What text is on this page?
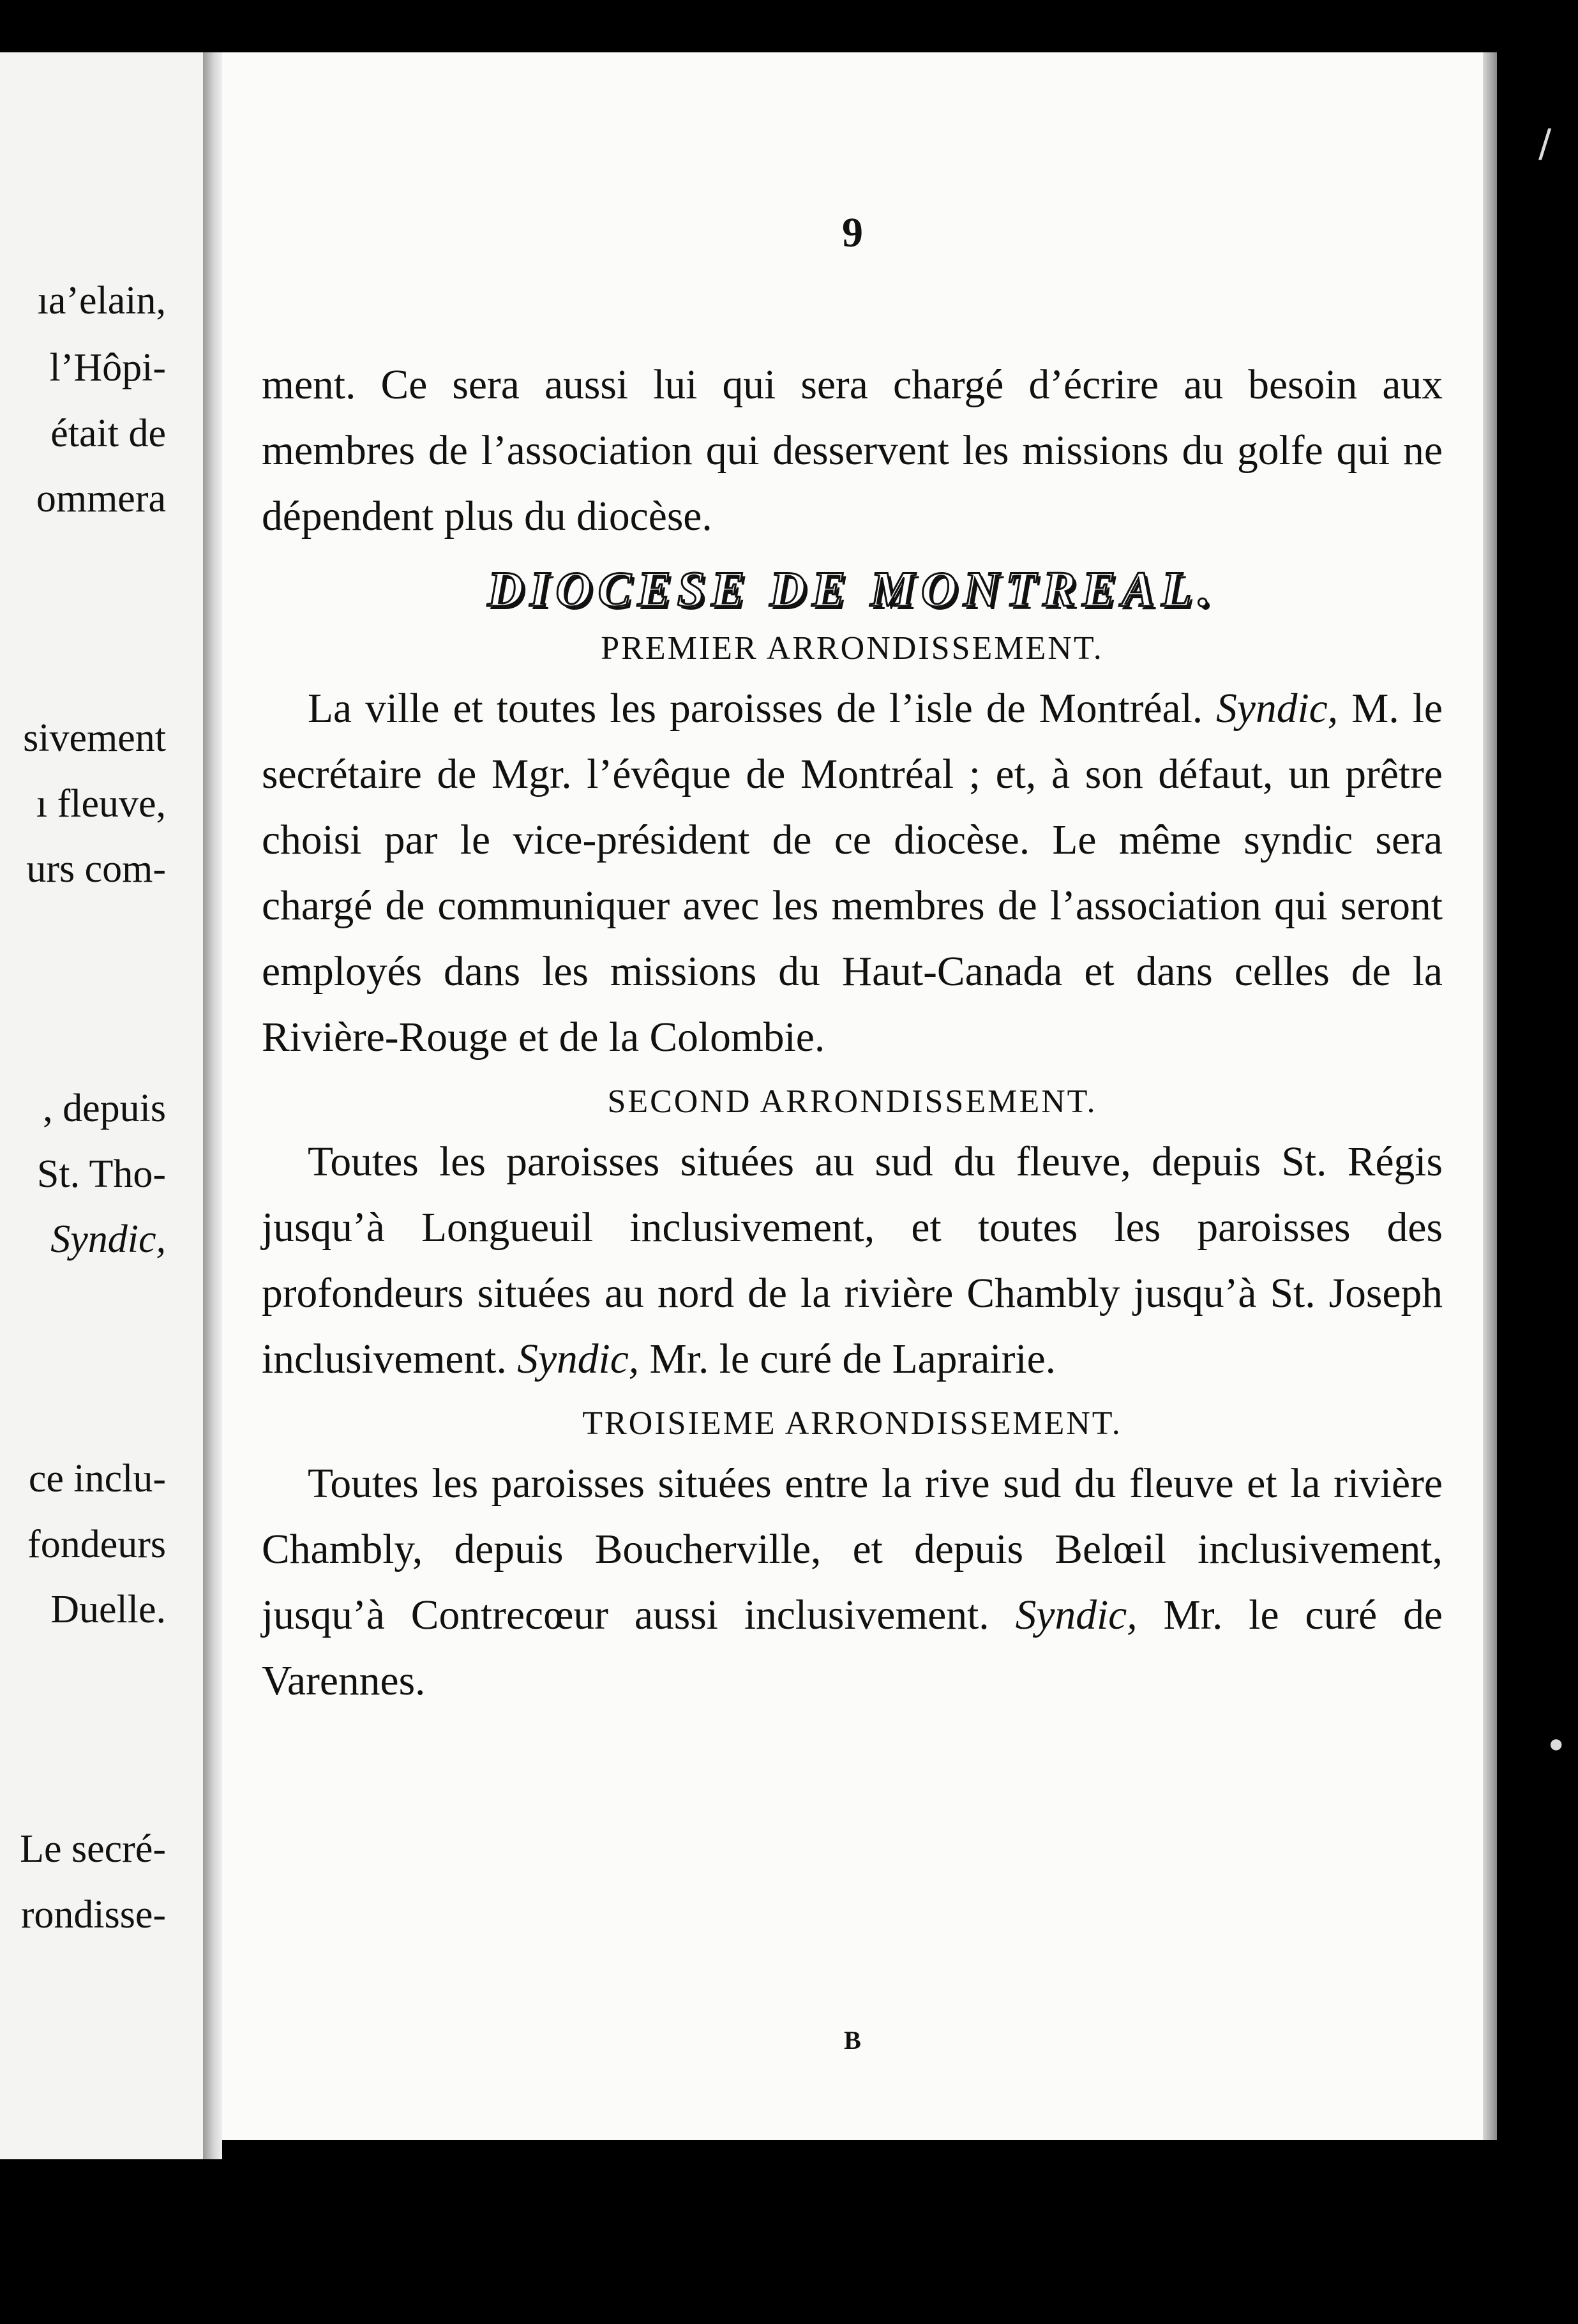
ıaʼelain,
l’Hôpi-
était de
ommera
sivement
ı fleuve,
urs com-
, depuis
St. Tho-
Syndic,
ce inclu-
fondeurs
Duelle.
Le secré-
rondisse-
9

ment. Ce sera aussi lui qui sera chargé d’écrire au besoin aux membres de l’association qui desservent les missions du golfe qui ne dépendent plus du diocèse.

DIOCESE DE MONTREAL.
PREMIER ARRONDISSEMENT.

La ville et toutes les paroisses de l’isle de Montréal. Syndic, M. le secrétaire de Mgr. l’évêque de Montréal ; et, à son défaut, un prêtre choisi par le vice-président de ce diocèse. Le même syndic sera chargé de communiquer avec les membres de l’association qui seront employés dans les missions du Haut-Canada et dans celles de la Rivière-Rouge et de la Colombie.

SECOND ARRONDISSEMENT.

Toutes les paroisses situées au sud du fleuve, depuis St. Régis jusqu’à Longueuil inclusivement, et toutes les paroisses des profondeurs situées au nord de la rivière Chambly jusqu’à St. Joseph inclusivement. Syndic, Mr. le curé de Laprairie.

TROISIEME ARRONDISSEMENT.

Toutes les paroisses situées entre la rive sud du fleuve et la rivière Chambly, depuis Boucherville, et depuis Belœil inclusivement, jusqu’à Contrecœur aussi inclusivement. Syndic, Mr. le curé de Varennes.

B
/
•
